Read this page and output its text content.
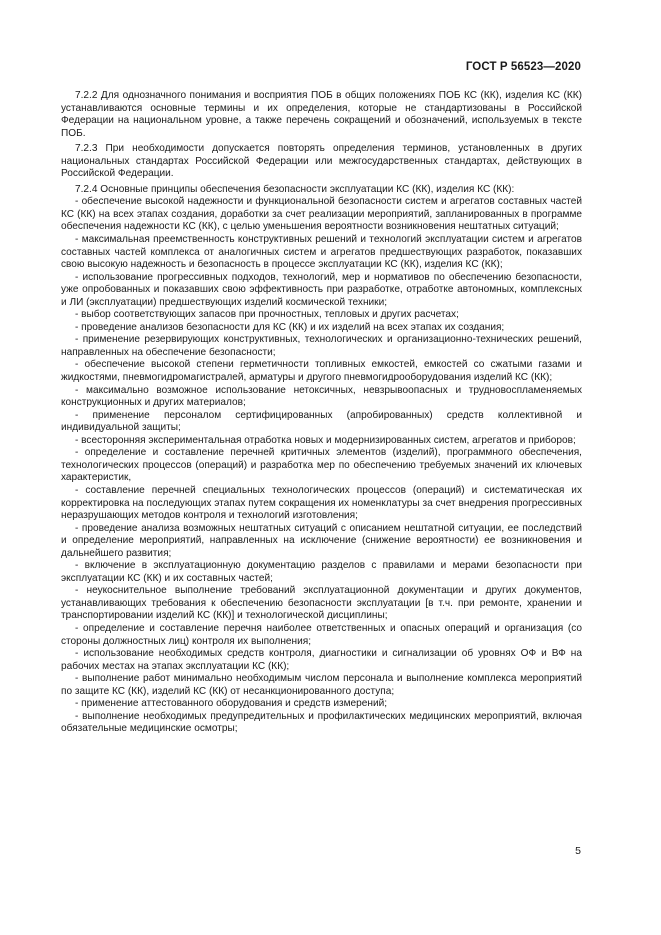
ГОСТ Р 56523—2020

7.2.2 Для однозначного понимания и восприятия ПОБ в общих положениях ПОБ КС (КК), изделия КС (КК) устанавливаются основные термины и их определения, которые не стандартизованы в Российской Федерации на национальном уровне, а также перечень сокращений и обозначений, используемых в тексте ПОБ.

7.2.3 При необходимости допускается повторять определения терминов, установленных в других национальных стандартах Российской Федерации или межгосударственных стандартах, действующих в Российской Федерации.

7.2.4 Основные принципы обеспечения безопасности эксплуатации КС (КК), изделия КС (КК):

- обеспечение высокой надежности и функциональной безопасности систем и агрегатов составных частей КС (КК) на всех этапах создания, доработки за счет реализации мероприятий, запланированных в программе обеспечения надежности КС (КК), с целью уменьшения вероятности возникновения нештатных ситуаций;

- максимальная преемственность конструктивных решений и технологий эксплуатации систем и агрегатов составных частей комплекса от аналогичных систем и агрегатов предшествующих разработок, показавших свою высокую надежность и безопасность в процессе эксплуатации КС (КК), изделия КС (КК);

- использование прогрессивных подходов, технологий, мер и нормативов по обеспечению безопасности, уже опробованных и показавших свою эффективность при разработке, отработке автономных, комплексных и ЛИ (эксплуатации) предшествующих изделий космической техники;

- выбор соответствующих запасов при прочностных, тепловых и других расчетах;

- проведение анализов безопасности для КС (КК) и их изделий на всех этапах их создания;

- применение резервирующих конструктивных, технологических и организационно-технических решений, направленных на обеспечение безопасности;

- обеспечение высокой степени герметичности топливных емкостей, емкостей со сжатыми газами и жидкостями, пневмогидромагистралей, арматуры и другого пневмогидрооборудования изделий КС (КК);

- максимально возможное использование нетоксичных, невзрывоопасных и трудновоспламеняемых конструкционных и других материалов;

- применение персоналом сертифицированных (апробированных) средств коллективной и индивидуальной защиты;

- всесторонняя экспериментальная отработка новых и модернизированных систем, агрегатов и приборов;

- определение и составление перечней критичных элементов (изделий), программного обеспечения, технологических процессов (операций) и разработка мер по обеспечению требуемых значений их ключевых характеристик,

- составление перечней специальных технологических процессов (операций) и систематическая их корректировка на последующих этапах путем сокращения их номенклатуры за счет внедрения прогрессивных неразрушающих методов контроля и технологий изготовления;

- проведение анализа возможных нештатных ситуаций с описанием нештатной ситуации, ее последствий и определение мероприятий, направленных на исключение (снижение вероятности) ее возникновения и дальнейшего развития;

- включение в эксплуатационную документацию разделов с правилами и мерами безопасности при эксплуатации КС (КК) и их составных частей;

- неукоснительное выполнение требований эксплуатационной документации и других документов, устанавливающих требования к обеспечению безопасности эксплуатации [в т.ч. при ремонте, хранении и транспортировании изделий КС (КК)] и технологической дисциплины;

- определение и составление перечня наиболее ответственных и опасных операций и организация (со стороны должностных лиц) контроля их выполнения;

- использование необходимых средств контроля, диагностики и сигнализации об уровнях ОФ и ВФ на рабочих местах на этапах эксплуатации КС (КК);

- выполнение работ минимально необходимым числом персонала и выполнение комплекса мероприятий по защите КС (КК), изделий КС (КК) от несанкционированного доступа;

- применение аттестованного оборудования и средств измерений;

- выполнение необходимых предупредительных и профилактических медицинских мероприятий, включая обязательные медицинские осмотры;

5
